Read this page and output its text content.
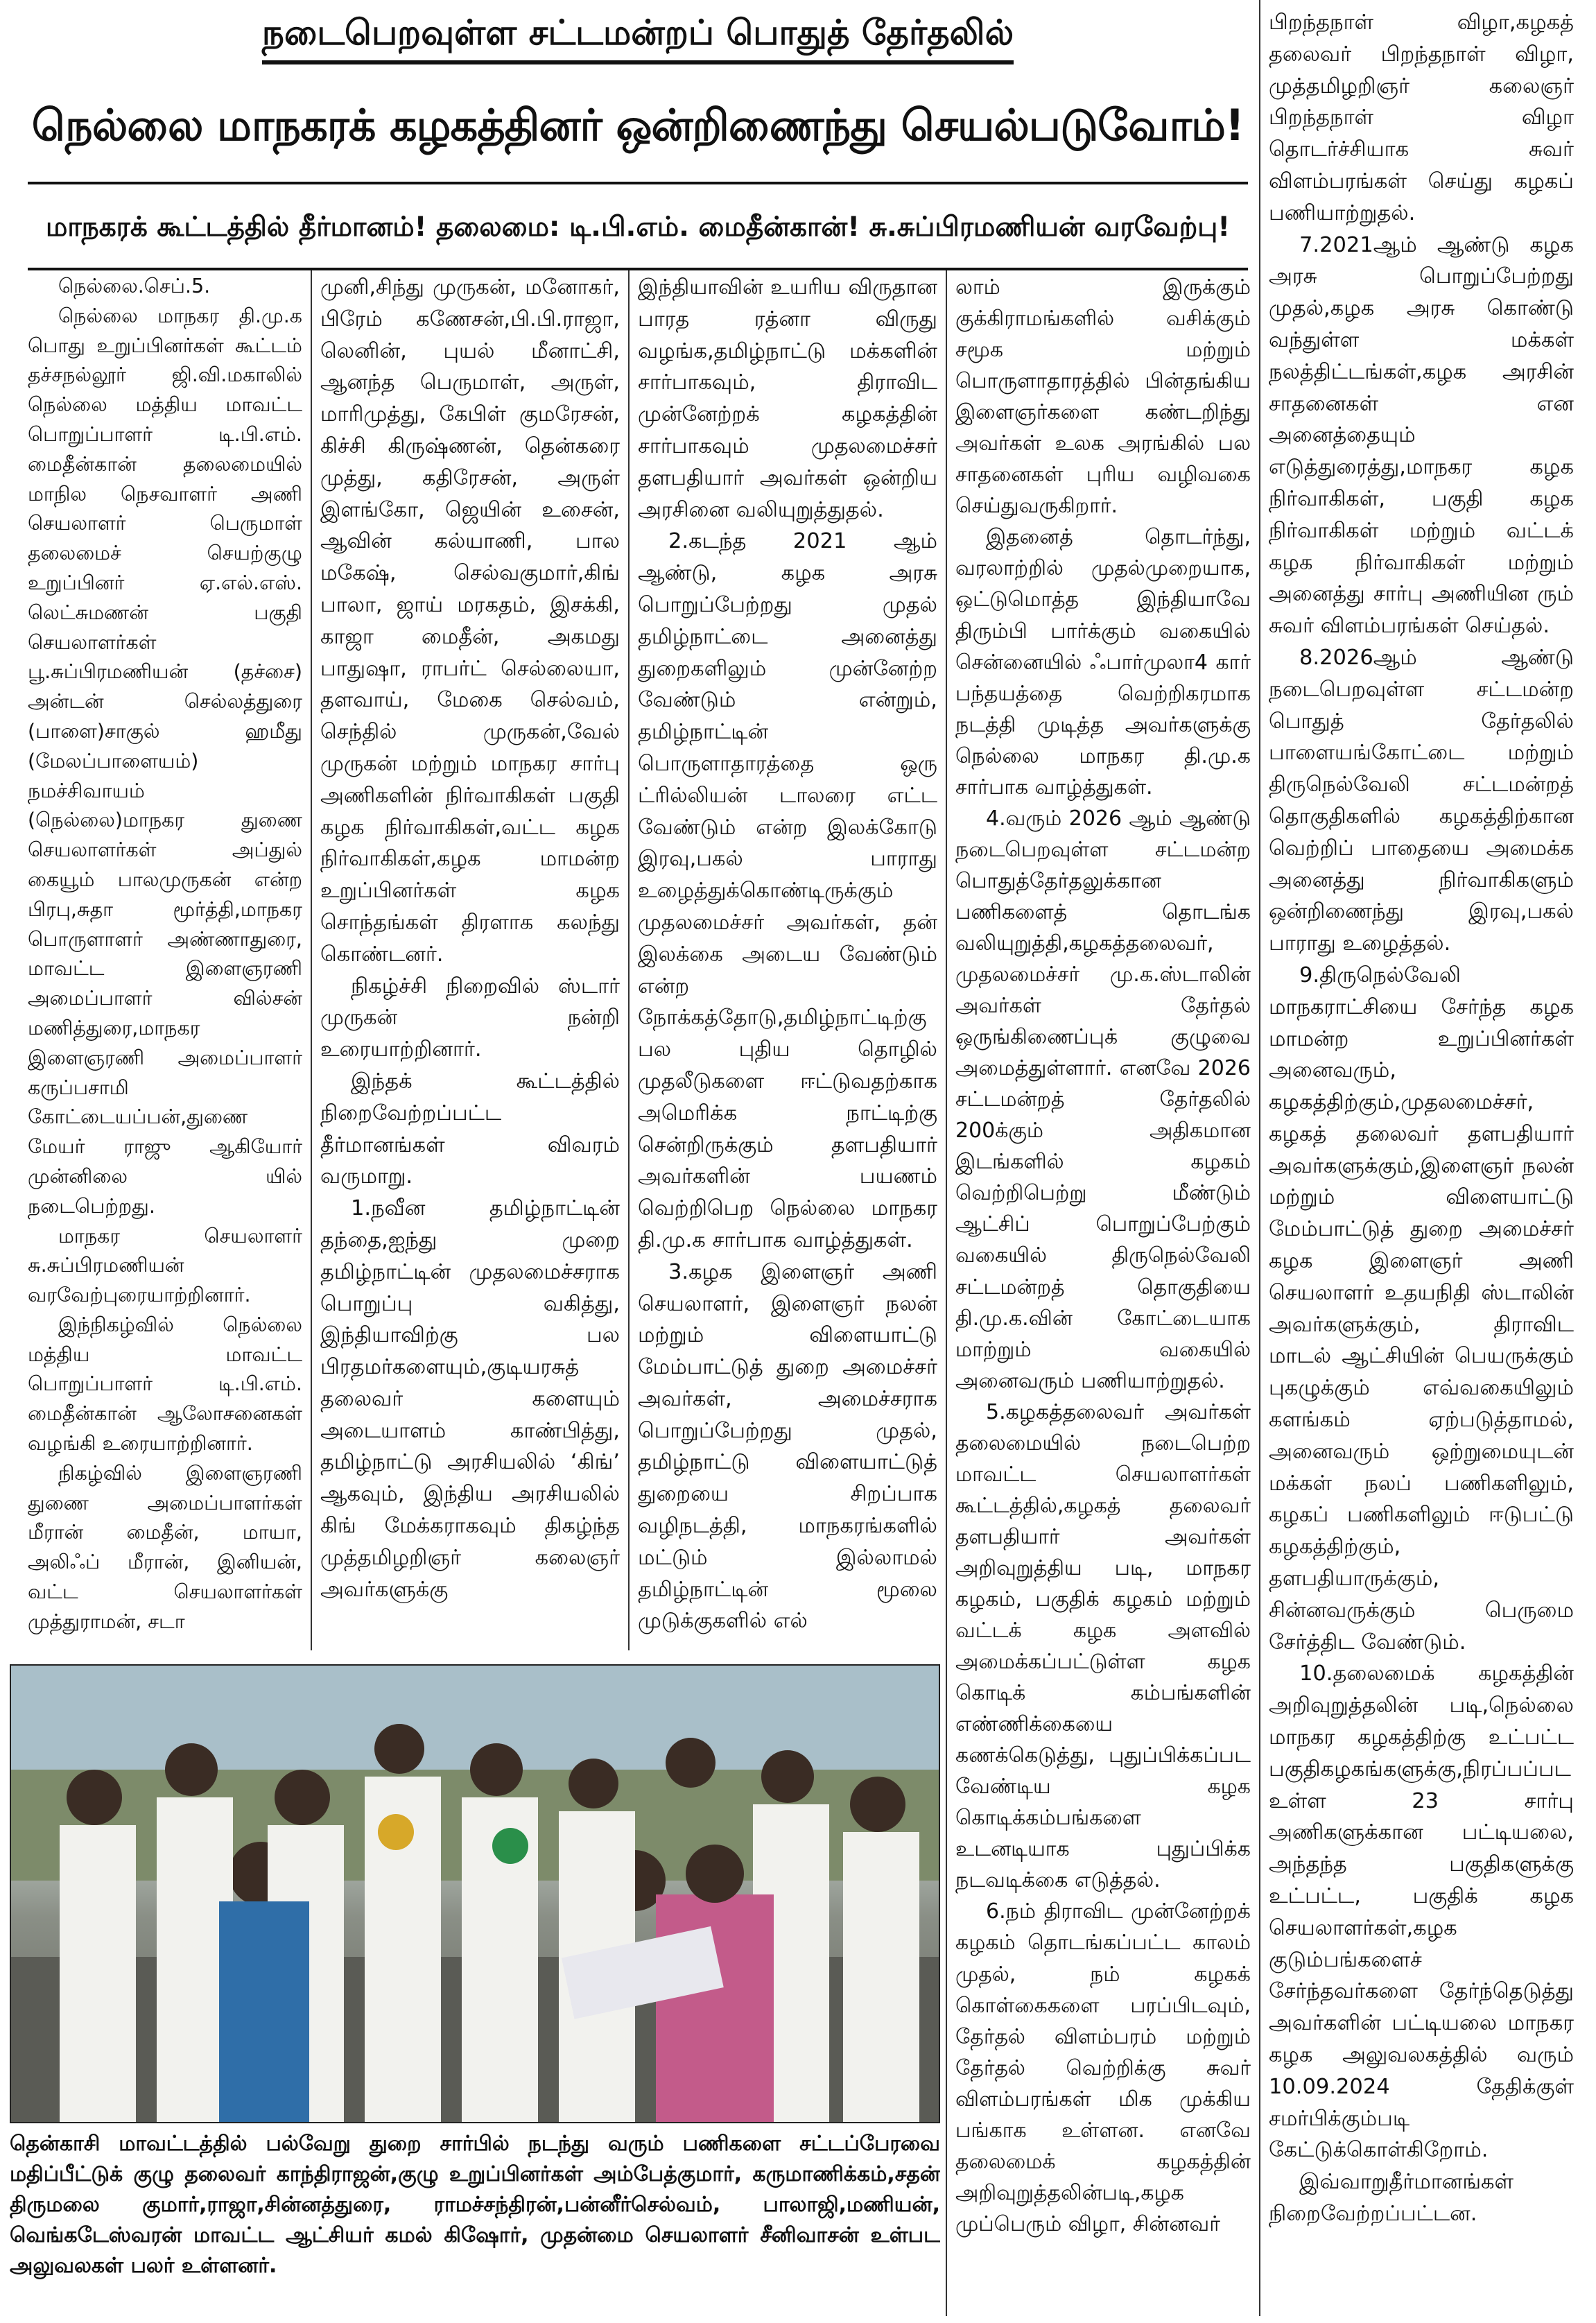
நடைபெறவுள்ள சட்டமன்றப் பொதுத் தேர்தலில்
நெல்லை மாநகரக் கழகத்தினர் ஒன்றிணைந்து செயல்படுவோம்!
மாநகரக் கூட்டத்தில் தீர்மானம்! தலைமை: டி.பி.எம். மைதீன்கான்! சு.சுப்பிரமணியன் வரவேற்பு!

நெல்லை.செப்.5.

நெல்லை மாநகர தி.மு.க பொது உறுப்பினர்கள் கூட்டம் தச்சநல்லூர் ஜி.வி.மகாலில் நெல்லை மத்திய மாவட்ட பொறுப்பாளர் டி.பி.எம். மைதீன்கான் தலைமையில் மாநில நெசவாளர் அணி செயலாளர் பெருமாள் தலைமைச் செயற்குழு உறுப்பினர் ஏ.எல்.எஸ். லெட்சுமணன் பகுதி செயலாளர்கள் பூ.சுப்பிரமணியன் (தச்சை) அன்டன் செல்லத்துரை (பாளை)சாகுல் ஹமீது (மேலப்பாளையம்) நமச்சிவாயம் (நெல்லை)மாநகர துணை செயலாளர்கள் அப்துல் கையூம் பாலமுருகன் என்ற பிரபு,சுதா மூர்த்தி,மாநகர பொருளாளர் அண்ணாதுரை, மாவட்ட இளைஞரணி அமைப்பாளர் வில்சன் மணித்துரை,மாநகர இளைஞரணி அமைப்பாளர் கருப்பசாமி கோட்டையப்பன்,துணை மேயர் ராஜு ஆகியோர் முன்னிலை யில் நடைபெற்றது.

மாநகர செயலாளர் சு.சுப்பிரமணியன் வரவேற்புரையாற்றினார்.

இந்நிகழ்வில் நெல்லை மத்திய மாவட்ட பொறுப்பாளர் டி.பி.எம். மைதீன்கான் ஆலோசனைகள் வழங்கி உரையாற்றினார்.

நிகழ்வில் இளைஞரணி துணை அமைப்பாளர்கள் மீரான் மைதீன், மாயா, அலிஃப் மீரான், இனியன், வட்ட செயலாளர்கள் முத்துராமன், சடா

முனி,சிந்து முருகன், மனோகர், பிரேம் கணேசன்,பி.பி.ராஜா, லெனின், புயல் மீனாட்சி, ஆனந்த பெருமாள், அருள், மாரிமுத்து, கேபிள் குமரேசன், கிச்சி கிருஷ்ணன், தென்கரை முத்து, கதிரேசன், அருள் இளங்கோ, ஜெயின் உசைன், ஆவின் கல்யாணி, பால மகேஷ், செல்வகுமார்,கிங் பாலா, ஜாய் மரகதம், இசக்கி, காஜா மைதீன், அகமது பாதுஷா, ராபர்ட் செல்லையா, தளவாய், மேகை செல்வம், செந்தில் முருகன்,வேல் முருகன் மற்றும் மாநகர சார்பு அணிகளின் நிர்வாகிகள் பகுதி கழக நிர்வாகிகள்,வட்ட கழக நிர்வாகிகள்,கழக மாமன்ற உறுப்பினர்கள் கழக சொந்தங்கள் திரளாக கலந்து கொண்டனர்.

நிகழ்ச்சி நிறைவில் ஸ்டார் முருகன் நன்றி உரையாற்றினார்.

இந்தக் கூட்டத்தில் நிறைவேற்றப்பட்ட தீர்மானங்கள் விவரம் வருமாறு.

1.நவீன தமிழ்நாட்டின் தந்தை,ஐந்து முறை தமிழ்நாட்டின் முதலமைச்சராக பொறுப்பு வகித்து, இந்தியாவிற்கு பல பிரதமர்களையும்,குடியரசுத் தலைவர் களையும் அடையாளம் காண்பித்து, தமிழ்நாட்டு அரசியலில் ‘கிங்’ ஆகவும், இந்திய அரசியலில் கிங் மேக்கராகவும் திகழ்ந்த முத்தமிழறிஞர் கலைஞர் அவர்களுக்கு

இந்தியாவின் உயரிய விருதான பாரத ரத்னா விருது வழங்க,தமிழ்நாட்டு மக்களின் சார்பாகவும், திராவிட முன்னேற்றக் கழகத்தின் சார்பாகவும் முதலமைச்சர் தளபதியார் அவர்கள் ஒன்றிய அரசினை வலியுறுத்துதல்.

2.கடந்த 2021 ஆம் ஆண்டு, கழக அரசு பொறுப்பேற்றது முதல் தமிழ்நாட்டை அனைத்து துறைகளிலும் முன்னேற்ற வேண்டும் என்றும், தமிழ்நாட்டின் பொருளாதாரத்தை ஒரு ட்ரில்லியன் டாலரை எட்ட வேண்டும் என்ற இலக்கோடு இரவு,பகல் பாராது உழைத்துக்கொண்டிருக்கும் முதலமைச்சர் அவர்கள், தன் இலக்கை அடைய வேண்டும் என்ற நோக்கத்தோடு,தமிழ்நாட்டிற்கு பல புதிய தொழில் முதலீடுகளை ஈட்டுவதற்காக அமெரிக்க நாட்டிற்கு சென்றிருக்கும் தளபதியார் அவர்களின் பயணம் வெற்றிபெற நெல்லை மாநகர தி.மு.க சார்பாக வாழ்த்துகள்.

3.கழக இளைஞர் அணி செயலாளர், இளைஞர் நலன் மற்றும் விளையாட்டு மேம்பாட்டுத் துறை அமைச்சர் அவர்கள், அமைச்சராக பொறுப்பேற்றது முதல், தமிழ்நாட்டு விளையாட்டுத் துறையை சிறப்பாக வழிநடத்தி, மாநகரங்களில் மட்டும் இல்லாமல் தமிழ்நாட்டின் மூலை முடுக்குகளில் எல்

லாம் இருக்கும் குக்கிராமங்களில் வசிக்கும் சமூக மற்றும் பொருளாதாரத்தில் பின்தங்கிய இளைஞர்களை கண்டறிந்து அவர்கள் உலக அரங்கில் பல சாதனைகள் புரிய வழிவகை செய்துவருகிறார்.

இதனைத் தொடர்ந்து, வரலாற்றில் முதல்முறையாக, ஒட்டுமொத்த இந்தியாவே திரும்பி பார்க்கும் வகையில் சென்னையில் ஃபார்முலா4 கார் பந்தயத்தை வெற்றிகரமாக நடத்தி முடித்த அவர்களுக்கு நெல்லை மாநகர தி.மு.க சார்பாக வாழ்த்துகள்.

4.வரும் 2026 ஆம் ஆண்டு நடைபெறவுள்ள சட்டமன்ற பொதுத்தேர்தலுக்கான பணிகளைத் தொடங்க வலியுறுத்தி,கழகத்தலைவர், முதலமைச்சர் மு.க.ஸ்டாலின் அவர்கள் தேர்தல் ஒருங்கிணைப்புக் குழுவை அமைத்துள்ளார். எனவே 2026 சட்டமன்றத் தேர்தலில் 200க்கும் அதிகமான இடங்களில் கழகம் வெற்றிபெற்று மீண்டும் ஆட்சிப் பொறுப்பேற்கும் வகையில் திருநெல்வேலி சட்டமன்றத் தொகுதியை தி.மு.க.வின் கோட்டையாக மாற்றும் வகையில் அனைவரும் பணியாற்றுதல்.

5.கழகத்தலைவர் அவர்கள் தலைமையில் நடைபெற்ற மாவட்ட செயலாளர்கள் கூட்டத்தில்,கழகத் தலைவர் தளபதியார் அவர்கள் அறிவுறுத்திய படி, மாநகர கழகம், பகுதிக் கழகம் மற்றும் வட்டக் கழக அளவில் அமைக்கப்பட்டுள்ள கழக கொடிக் கம்பங்களின் எண்ணிக்கையை கணக்கெடுத்து, புதுப்பிக்கப்பட வேண்டிய கழக கொடிக்கம்பங்களை உடனடியாக புதுப்பிக்க நடவடிக்கை எடுத்தல்.

6.நம் திராவிட முன்னேற்றக் கழகம் தொடங்கப்பட்ட காலம் முதல், நம் கழகக் கொள்கைகளை பரப்பிடவும், தேர்தல் விளம்பரம் மற்றும் தேர்தல் வெற்றிக்கு சுவர் விளம்பரங்கள் மிக முக்கிய பங்காக உள்ளன. எனவே தலைமைக் கழகத்தின் அறிவுறுத்தலின்படி,கழக முப்பெரும் விழா, சின்னவர்

பிறந்தநாள் விழா,கழகத் தலைவர் பிறந்தநாள் விழா, முத்தமிழறிஞர் கலைஞர் பிறந்தநாள் விழா தொடர்ச்சியாக சுவர் விளம்பரங்கள் செய்து கழகப் பணியாற்றுதல்.

7.2021ஆம் ஆண்டு கழக அரசு பொறுப்பேற்றது முதல்,கழக அரசு கொண்டு வந்துள்ள மக்கள் நலத்திட்டங்கள்,கழக அரசின் சாதனைகள் என அனைத்தையும் எடுத்துரைத்து,மாநகர கழக நிர்வாகிகள், பகுதி கழக நிர்வாகிகள் மற்றும் வட்டக் கழக நிர்வாகிகள் மற்றும் அனைத்து சார்பு அணியின ரும் சுவர் விளம்பரங்கள் செய்தல்.

8.2026ஆம் ஆண்டு நடைபெறவுள்ள சட்டமன்ற பொதுத் தேர்தலில் பாளையங்கோட்டை மற்றும் திருநெல்வேலி சட்டமன்றத் தொகுதிகளில் கழகத்திற்கான வெற்றிப் பாதையை அமைக்க அனைத்து நிர்வாகிகளும் ஒன்றிணைந்து இரவு,பகல் பாராது உழைத்தல்.

9.திருநெல்வேலி மாநகராட்சியை சேர்ந்த கழக மாமன்ற உறுப்பினர்கள் அனைவரும், கழகத்திற்கும்,முதலமைச்சர், கழகத் தலைவர் தளபதியார் அவர்களுக்கும்,இளைஞர் நலன் மற்றும் விளையாட்டு மேம்பாட்டுத் துறை அமைச்சர் கழக இளைஞர் அணி செயலாளர் உதயநிதி ஸ்டாலின் அவர்களுக்கும், திராவிட மாடல் ஆட்சியின் பெயருக்கும் புகழுக்கும் எவ்வகையிலும் களங்கம் ஏற்படுத்தாமல், அனைவரும் ஒற்றுமையுடன் மக்கள் நலப் பணிகளிலும், கழகப் பணிகளிலும் ஈடுபட்டு கழகத்திற்கும், தளபதியாருக்கும், சின்னவருக்கும் பெருமை சேர்த்திட வேண்டும்.

10.தலைமைக் கழகத்தின் அறிவுறுத்தலின் படி,நெல்லை மாநகர கழகத்திற்கு உட்பட்ட பகுதிகழகங்களுக்கு,நிரப்பப்பட உள்ள 23 சார்பு அணிகளுக்கான பட்டியலை, அந்தந்த பகுதிகளுக்கு உட்பட்ட, பகுதிக் கழக செயலாளர்கள்,கழக குடும்பங்களைச் சேர்ந்தவர்களை தேர்ந்தெடுத்து அவர்களின் பட்டியலை மாநகர கழக அலுவலகத்தில் வரும் 10.09.2024 தேதிக்குள் சமர்பிக்கும்படி கேட்டுக்கொள்கிறோம்.

இவ்வாறுதீர்மானங்கள் நிறைவேற்றப்பட்டன.

தென்காசி மாவட்டத்தில் பல்வேறு துறை சார்பில் நடந்து வரும் பணிகளை சட்டப்பேரவை மதிப்பீட்டுக் குழு தலைவர் காந்திராஜன்,குழு உறுப்பினர்கள் அம்பேத்குமார், கருமாணிக்கம்,சதன் திருமலை குமார்,ராஜா,சின்னத்துரை, ராமச்சந்திரன்,பன்னீர்செல்வம், பாலாஜி,மணியன், வெங்கடேஸ்வரன் மாவட்ட ஆட்சியர் கமல் கிஷோர், முதன்மை செயலாளர் சீனிவாசன் உள்பட அலுவலகள் பலர் உள்ளனர்.
